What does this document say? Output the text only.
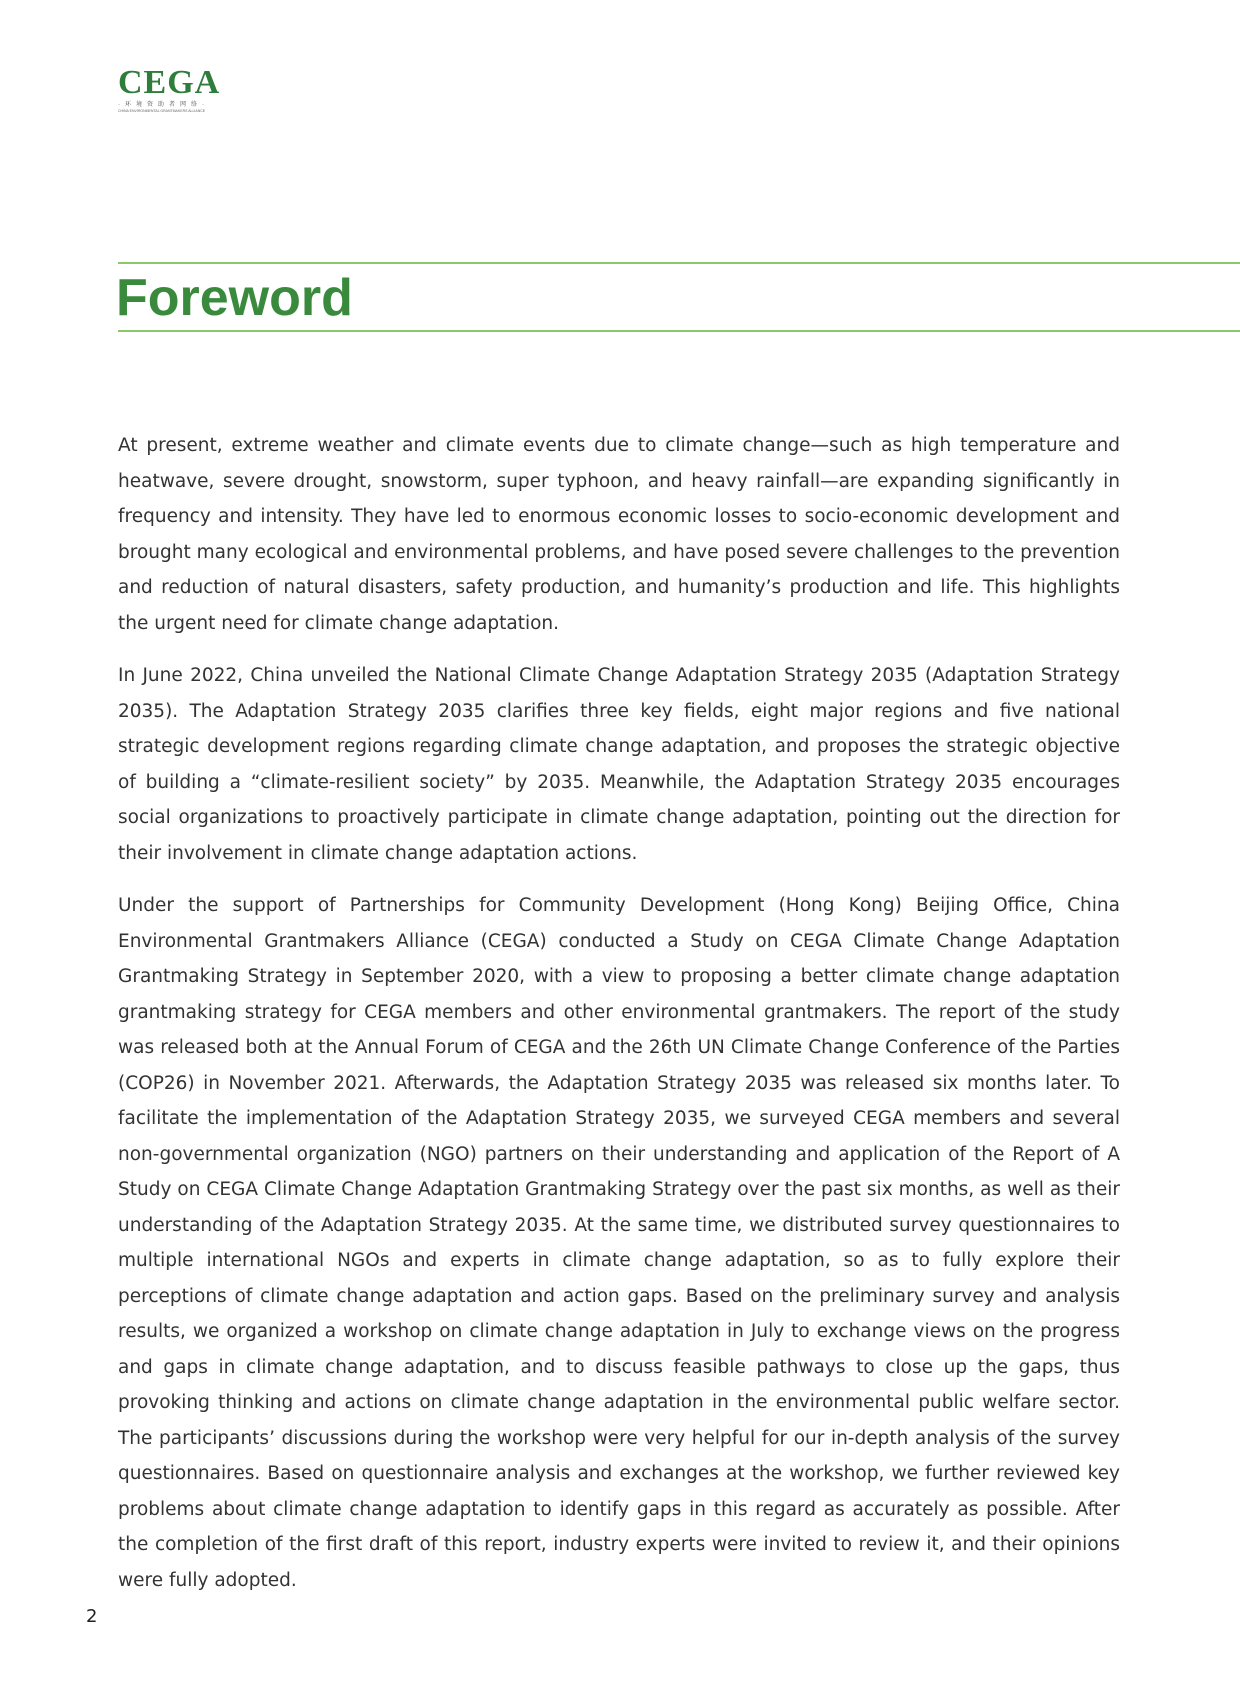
CEGA
·环境资助者网络·
CHINA ENVIRONMENTAL GRANTMAKERS ALLIANCE
Foreword

At present, extreme weather and climate events due to climate change—such as high temperature and heatwave, severe drought, snowstorm, super typhoon, and heavy rainfall—are expanding significantly in frequency and intensity. They have led to enormous economic losses to socio-economic development and brought many ecological and environmental problems, and have posed severe challenges to the prevention and reduction of natural disasters, safety production, and humanity’s production and life. This highlights the urgent need for climate change adaptation.

In June 2022, China unveiled the National Climate Change Adaptation Strategy 2035 (Adaptation Strategy 2035). The Adaptation Strategy 2035 clarifies three key fields, eight major regions and five national strategic development regions regarding climate change adaptation, and proposes the strategic objective of building a “climate-resilient society” by 2035. Meanwhile, the Adaptation Strategy 2035 encourages social organizations to proactively participate in climate change adaptation, pointing out the direction for their involvement in climate change adaptation actions.

Under the support of Partnerships for Community Development (Hong Kong) Beijing Office, China Environmental Grantmakers Alliance (CEGA) conducted a Study on CEGA Climate Change Adaptation Grantmaking Strategy in September 2020, with a view to proposing a better climate change adaptation grantmaking strategy for CEGA members and other environmental grantmakers. The report of the study was released both at the Annual Forum of CEGA and the 26th UN Climate Change Conference of the Parties (COP26) in November 2021. Afterwards, the Adaptation Strategy 2035 was released six months later. To facilitate the implementation of the Adaptation Strategy 2035, we surveyed CEGA members and several non-governmental organization (NGO) partners on their understanding and application of the Report of A Study on CEGA Climate Change Adaptation Grantmaking Strategy over the past six months, as well as their understanding of the Adaptation Strategy 2035. At the same time, we distributed survey questionnaires to multiple international NGOs and experts in climate change adaptation, so as to fully explore their perceptions of climate change adaptation and action gaps. Based on the preliminary survey and analysis results, we organized a workshop on climate change adaptation in July to exchange views on the progress and gaps in climate change adaptation, and to discuss feasible pathways to close up the gaps, thus provoking thinking and actions on climate change adaptation in the environmental public welfare sector. The participants’ discussions during the workshop were very helpful for our in-depth analysis of the survey questionnaires. Based on questionnaire analysis and exchanges at the workshop, we further reviewed key problems about climate change adaptation to identify gaps in this regard as accurately as possible. After the completion of the first draft of this report, industry experts were invited to review it, and their opinions were fully adopted.

2
